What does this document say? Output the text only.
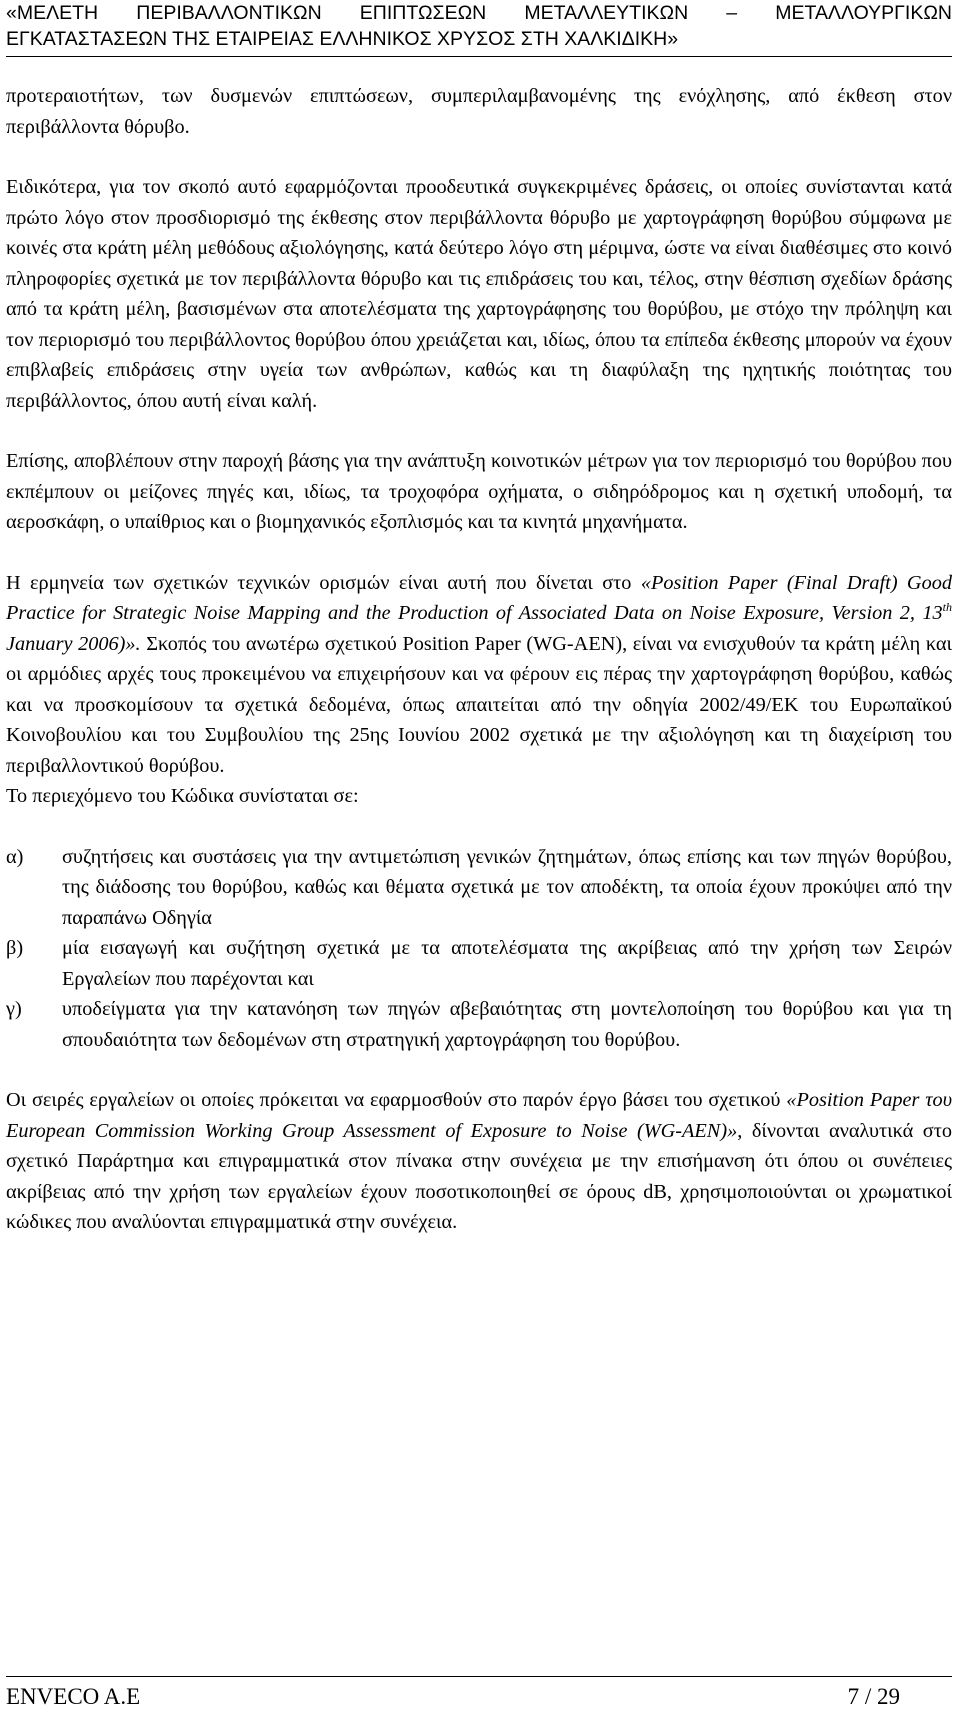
«ΜΕΛΕΤΗ ΠΕΡΙΒΑΛΛΟΝΤΙΚΩΝ ΕΠΙΠΤΩΣΕΩΝ ΜΕΤΑΛΛΕΥΤΙΚΩΝ – ΜΕΤΑΛΛΟΥΡΓΙΚΩΝ ΕΓΚΑΤΑΣΤΑΣΕΩΝ ΤΗΣ ΕΤΑΙΡΕΙΑΣ ΕΛΛΗΝΙΚΟΣ ΧΡΥΣΟΣ ΣΤΗ ΧΑΛΚΙΔΙΚΗ»

προτεραιοτήτων, των δυσμενών επιπτώσεων, συμπεριλαμβανομένης της ενόχλησης, από έκθεση στον περιβάλλοντα θόρυβο.

Ειδικότερα, για τον σκοπό αυτό εφαρμόζονται προοδευτικά συγκεκριμένες δράσεις, οι οποίες συνίστανται κατά πρώτο λόγο στον προσδιορισμό της έκθεσης στον περιβάλλοντα θόρυβο με χαρτογράφηση θορύβου σύμφωνα με κοινές στα κράτη μέλη μεθόδους αξιολόγησης, κατά δεύτερο λόγο στη μέριμνα, ώστε να είναι διαθέσιμες στο κοινό πληροφορίες σχετικά με τον περιβάλλοντα θόρυβο και τις επιδράσεις του και, τέλος, στην θέσπιση σχεδίων δράσης από τα κράτη μέλη, βασισμένων στα αποτελέσματα της χαρτογράφησης του θορύβου, με στόχο την πρόληψη και τον περιορισμό του περιβάλλοντος θορύβου όπου χρειάζεται και, ιδίως, όπου τα επίπεδα έκθεσης μπορούν να έχουν επιβλαβείς επιδράσεις στην υγεία των ανθρώπων, καθώς και τη διαφύλαξη της ηχητικής ποιότητας του περιβάλλοντος, όπου αυτή είναι καλή.

Επίσης, αποβλέπουν στην παροχή βάσης για την ανάπτυξη κοινοτικών μέτρων για τον περιορισμό του θορύβου που εκπέμπουν οι μείζονες πηγές και, ιδίως, τα τροχοφόρα οχήματα, ο σιδηρόδρομος και η σχετική υποδομή, τα αεροσκάφη, ο υπαίθριος και ο βιομηχανικός εξοπλισμός και τα κινητά μηχανήματα.

Η ερμηνεία των σχετικών τεχνικών ορισμών είναι αυτή που δίνεται στο «Position Paper (Final Draft) Good Practice for Strategic Noise Mapping and the Production of Associated Data on Noise Exposure, Version 2, 13th January 2006)». Σκοπός του ανωτέρω σχετικού Position Paper (WG-AEN), είναι να ενισχυθούν τα κράτη μέλη και οι αρμόδιες αρχές τους προκειμένου να επιχειρήσουν και να φέρουν εις πέρας την χαρτογράφηση θορύβου, καθώς και να προσκομίσουν τα σχετικά δεδομένα, όπως απαιτείται από την οδηγία 2002/49/ΕΚ του Ευρωπαϊκού Κοινοβουλίου και του Συμβουλίου της 25ης Ιουνίου 2002 σχετικά με την αξιολόγηση και τη διαχείριση του περιβαλλοντικού θορύβου.

Το περιεχόμενο του Κώδικα συνίσταται σε:

α)	συζητήσεις και συστάσεις για την αντιμετώπιση γενικών ζητημάτων, όπως επίσης και των πηγών θορύβου, της διάδοσης του θορύβου, καθώς και θέματα σχετικά με τον αποδέκτη, τα οποία έχουν προκύψει από την παραπάνω Οδηγία
β)	μία εισαγωγή και συζήτηση σχετικά με τα αποτελέσματα της ακρίβειας από την χρήση των Σειρών Εργαλείων που παρέχονται και
γ)	υποδείγματα για την κατανόηση των πηγών αβεβαιότητας στη μοντελοποίηση του θορύβου και για τη σπουδαιότητα των δεδομένων στη στρατηγική χαρτογράφηση του θορύβου.

Οι σειρές εργαλείων οι οποίες πρόκειται να εφαρμοσθούν στο παρόν έργο βάσει του σχετικού «Position Paper του European Commission Working Group Assessment of Exposure to Noise (WG-AEN)», δίνονται αναλυτικά στο σχετικό Παράρτημα και επιγραμματικά στον πίνακα στην συνέχεια με την επισήμανση ότι όπου οι συνέπειες ακρίβειας από την χρήση των εργαλείων έχουν ποσοτικοποιηθεί σε όρους dB, χρησιμοποιούνται οι χρωματικοί κώδικες που αναλύονται επιγραμματικά στην συνέχεια.

ENVECO A.E	7 / 29
